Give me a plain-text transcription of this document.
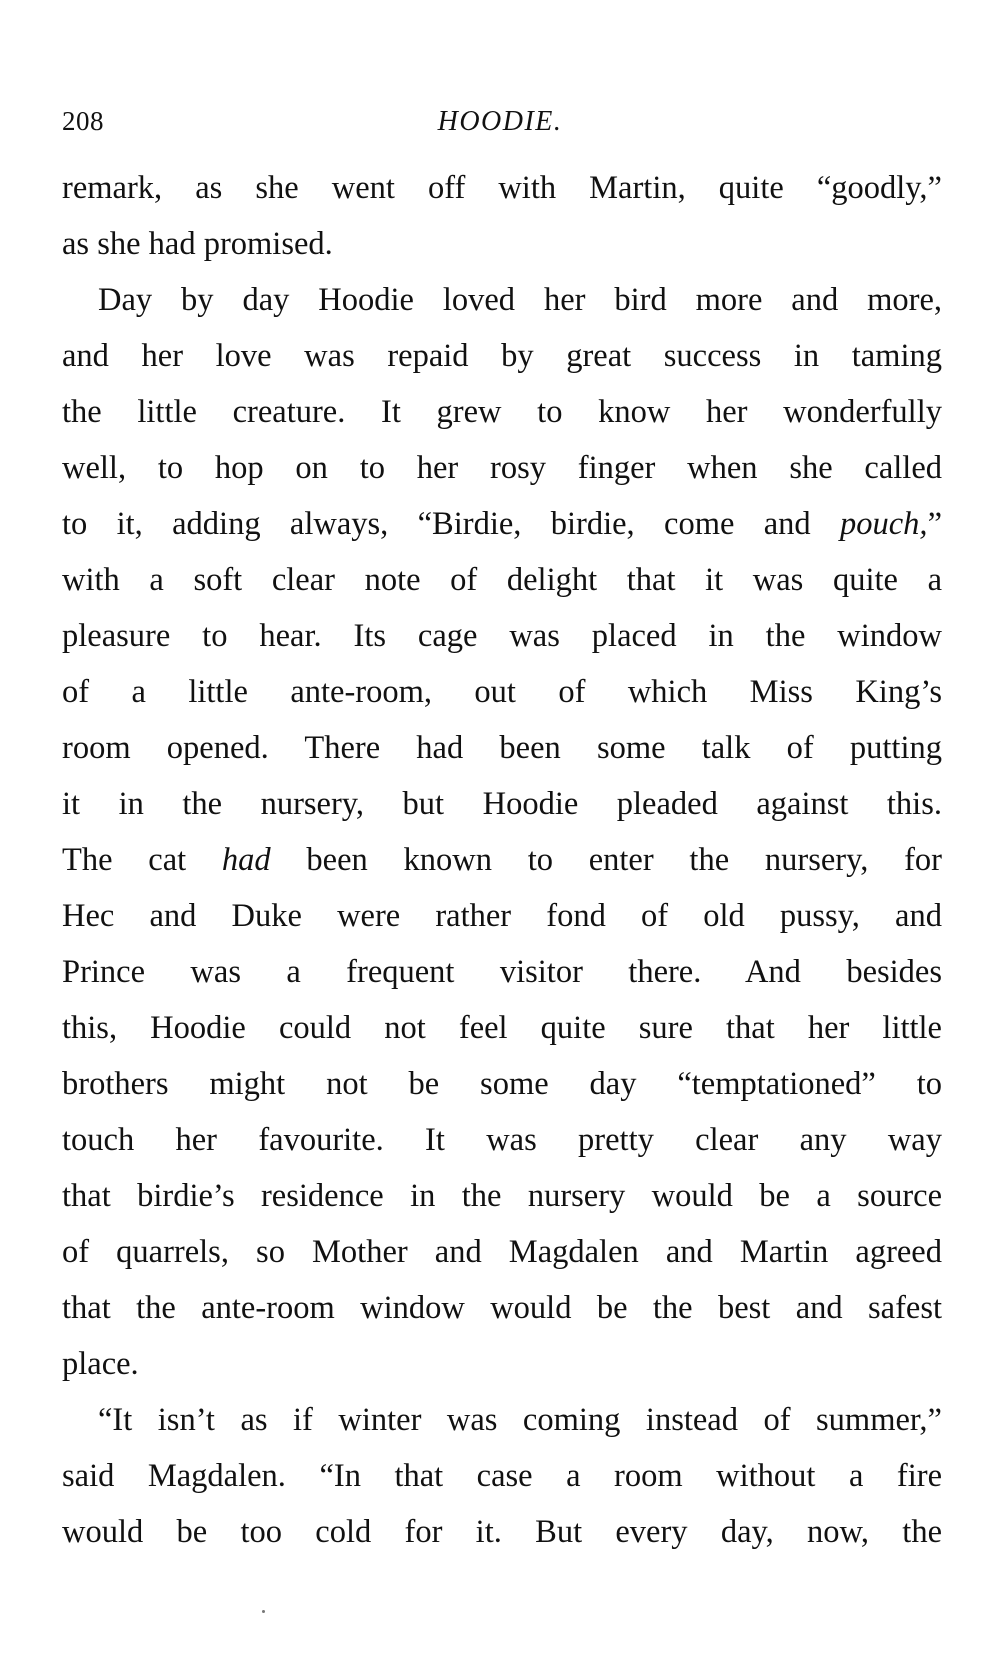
208	HOODIE.
remark, as she went off with Martin, quite “goodly,”
as she had promised.
Day by day Hoodie loved her bird more and more,
and her love was repaid by great success in taming
the little creature. It grew to know her wonderfully
well, to hop on to her rosy finger when she called
to it, adding always, “Birdie, birdie, come and pouch,”
with a soft clear note of delight that it was quite a
pleasure to hear. Its cage was placed in the window
of a little ante-room, out of which Miss King’s
room opened. There had been some talk of putting
it in the nursery, but Hoodie pleaded against this.
The cat had been known to enter the nursery, for
Hec and Duke were rather fond of old pussy, and
Prince was a frequent visitor there. And besides
this, Hoodie could not feel quite sure that her little
brothers might not be some day “temptationed” to
touch her favourite. It was pretty clear any way
that birdie’s residence in the nursery would be a source
of quarrels, so Mother and Magdalen and Martin agreed
that the ante-room window would be the best and safest
place.
“It isn’t as if winter was coming instead of summer,”
said Magdalen. “In that case a room without a fire
would be too cold for it. But every day, now, the
